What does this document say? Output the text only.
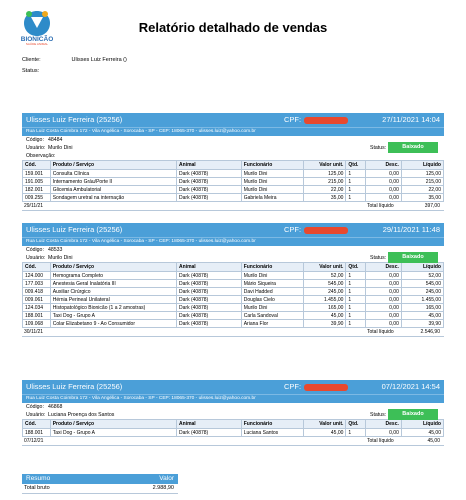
BIONICÃO
SAÚDE ANIMAL
Relatório detalhado de vendas
Cliente:	Ulisses Luiz Ferreira ()
Status:
Ulisses Luiz Ferreira (25256)	CPF:	27/11/2021 14:04
Rua Luiz Costa Coimbra 172 - Vila Angélica - Sorocaba - SP - CEP: 18065-370 - ulisses.luiz@yahoo.com.br
Código: 48484
Usuário: Murilo Dini	Status:	Baixado
Observação:
Cód.	Produto / Serviço	Animal	Funcionário	Valor unit.	Qtd.	Desc.	Líquido
159.001	Consulta Clínica	Dark (40878)	Murilo Dini	125,00	1	0,00	125,00
191.005	Internamento Gráu/Porte II	Dark (40878)	Murilo Dini	215,00	1	0,00	215,00
182.001	Glicemia Ambulatorial	Dark (40878)	Murilo Dini	22,00	1	0,00	22,00
009.255	Sondagem uretral na internação	Dark (40878)	Gabriela Meira	35,00	1	0,00	35,00
29/11/21	Total líquido	397,00
Ulisses Luiz Ferreira (25256)	CPF:	29/11/2021 11:48
Rua Luiz Costa Coimbra 172 - Vila Angélica - Sorocaba - SP - CEP: 18065-370 - ulisses.luiz@yahoo.com.br
Código: 48533
Usuário: Murilo Dini	Status:	Baixado
Cód.	Produto / Serviço	Animal	Funcionário	Valor unit.	Qtd.	Desc.	Líquido
124.000	Hemograma Completo	Dark (40878)	Murilo Dini	52,00	1	0,00	52,00
177.003	Anestesia Geral Inalatória III	Dark (40878)	Mário Siqueira	545,00	1	0,00	545,00
009.418	Auxiliar Cirúrgico	Dark (40878)	Davi Hadded	245,00	1	0,00	245,00
009.061	Hérnia Perineal Unilateral	Dark (40878)	Douglas Cielo	1.455,00	1	0,00	1.455,00
124.034	Histopatológico Bionicão (1 a 2 amostras)	Dark (40878)	Murilo Dini	165,00	1	0,00	165,00
188.001	Taxi Dog - Grupo A	Dark (40878)	Carla Sandoval	45,00	1	0,00	45,00
109.068	Colar Elizabetano 9 - Ao Consumidor	Dark (40878)	Ariana Flor	39,90	1	0,00	39,90
30/11/21	Total líquido	2.546,90
Ulisses Luiz Ferreira (25256)	CPF:	07/12/2021 14:54
Rua Luiz Costa Coimbra 172 - Vila Angélica - Sorocaba - SP - CEP: 18065-370 - ulisses.luiz@yahoo.com.br
Código: 46868
Usuário: Luciana Proença dos Santos	Status:	Baixado
Cód.	Produto / Serviço	Animal	Funcionário	Valor unit.	Qtd.	Desc.	Líquido
188.001	Taxi Dog - Grupo A	Dark (40878)	Luciana Santos	45,00	1	0,00	45,00
07/12/21	Total líquido	45,00
Resumo	Valor
Total bruto	2.988,90
